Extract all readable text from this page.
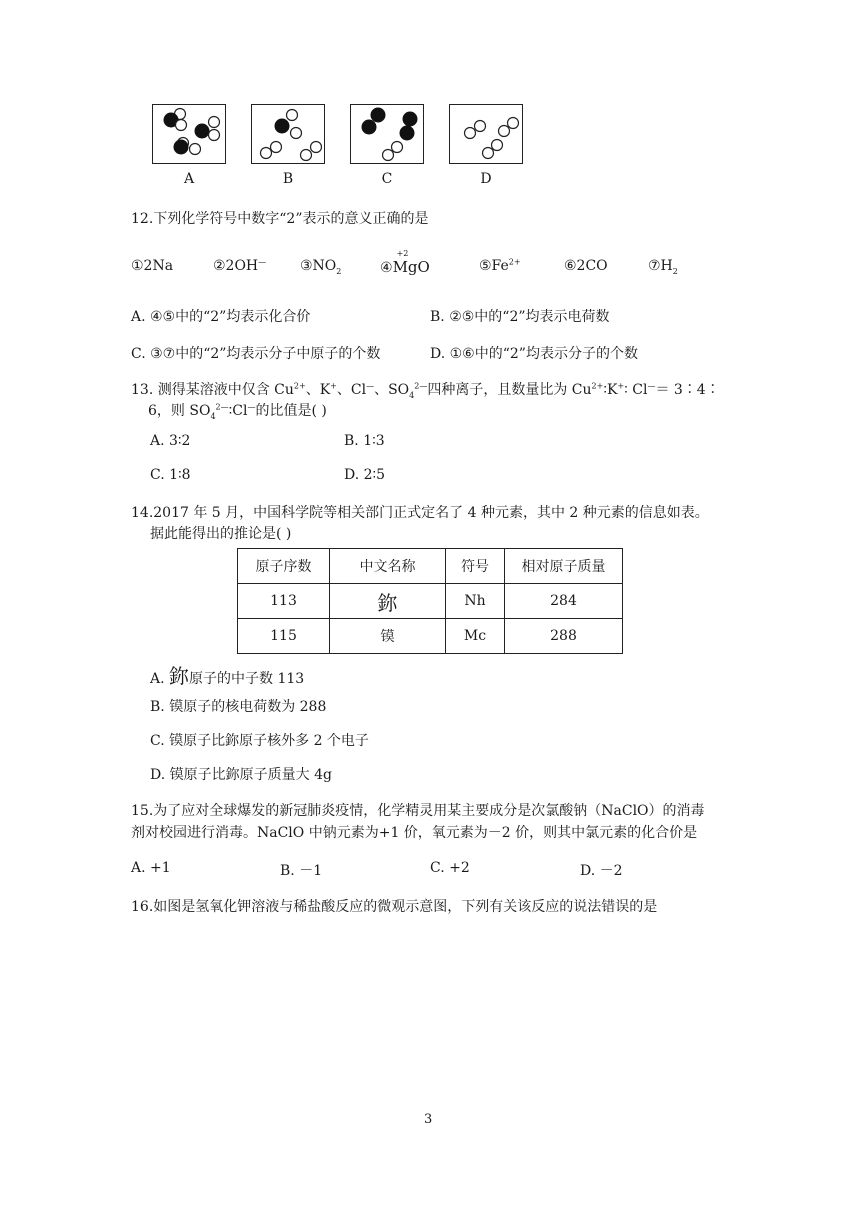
A	B	C	D
12.下列化学符号中数字“2”表示的意义正确的是
①2Na	②2OH— $③NO_2$	④
+2
MgO	$⑤Fe^{2+}$	⑥2CO	$⑦H_2$
A. ④⑤中的“2”均表示化合价	B. ②⑤中的“2”均表示电荷数
C. ③⑦中的“2”均表示分子中原子的个数	D. ①⑥中的“2”均表示分子的个数
13. 测得某溶液中仅含 $Cu^{2+}$、K+、Cl—、$SO_4^{2—}$四种离子，且数量比为 $Cu^{2+}∶K^+∶$ Cl—＝ 3∶4∶
6，则 $SO_4^{2—}∶Cl^—$的比值是( )
A. 3∶2	B. 1∶3
C. 1∶8	D. 2∶5
14.2017 年 5 月，中国科学院等相关部门正式定名了 4 种元素，其中 2 种元素的信息如表。
据此能得出的推论是( )
原子序数	中文名称	符号	相对原子质量
113	鉨	Nh	284
115	镆	Mc	288
A. 鉨原子的中子数 113
B. 镆原子的核电荷数为 288
C. 镆原子比鉨原子核外多 2 个电子
D. 镆原子比鉨原子质量大 4g
15.为了应对全球爆发的新冠肺炎疫情，化学精灵用某主要成分是次氯酸钠（NaClO）的消毒
剂对校园进行消毒。NaClO 中钠元素为+1 价，氧元素为－2 价，则其中氯元素的化合价是
A. +1	B. －1	C. +2	D. －2
16.如图是氢氧化钾溶液与稀盐酸反应的微观示意图，下列有关该反应的说法错误的是
3
